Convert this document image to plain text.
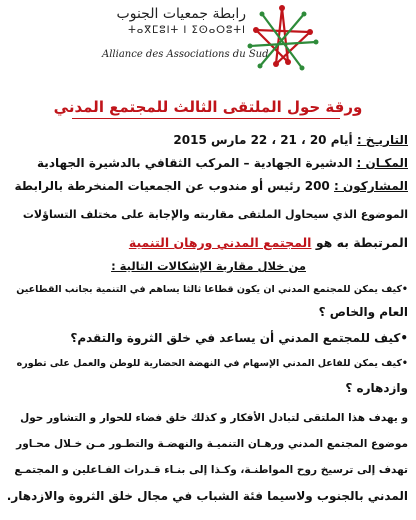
رابطة جمعيات الجنوب
ⵜⴰⴳⵎⵓⵏⵜ ⵏ ⵉⵙⴰⵔⵓⵜⵏ
Alliance des Associations du Sud
ورقة حول الملتقى الثالث للمجتمع المدني
التاريـخ : أيام 20 ، 21 ، 22 مارس 2015
المكـان : الدشيرة الجهادية – المركب الثقافي بالدشيرة الجهادية
المشاركون : 200 رئيس أو مندوب عن الجمعيات المنخرطة بالرابطة
الموضوع الذي سيحاول الملتقى مقاربته والإجابة على مختلف التساؤلات
المرتبطة به هو المجتمع المدني ورهان التنمية
من خلال مقاربة الإشكالات التالية :
•كيف يمكن للمجتمع المدني ان يكون قطاعا ثالثا يساهم في التنمية بجانب القطاعين
العام والخاص ؟
•كيف للمجتمع المدني أن يساعد في خلق الثروة والتقدم؟
•كيف يمكن للفاعل المدني الإسهام في النهضة الحضارية للوطن والعمل على تطوره
وازدهاره ؟
و يهدف هذا الملتقى لتبادل الأفكار و كذلك خلق فضاء للحوار و التشاور حول
موضوع المجتمع المدني ورهـان التنميـة والنهضـة والتطـور مـن خـلال محـاور
تهدف إلى ترسيخ روح المواطنـة، وكـذا إلى بنـاء قـدرات الفـاعلين و المجتمـع
المدني بالجنوب ولاسيما فئة الشباب في مجال خلق الثروة والازدهار.
